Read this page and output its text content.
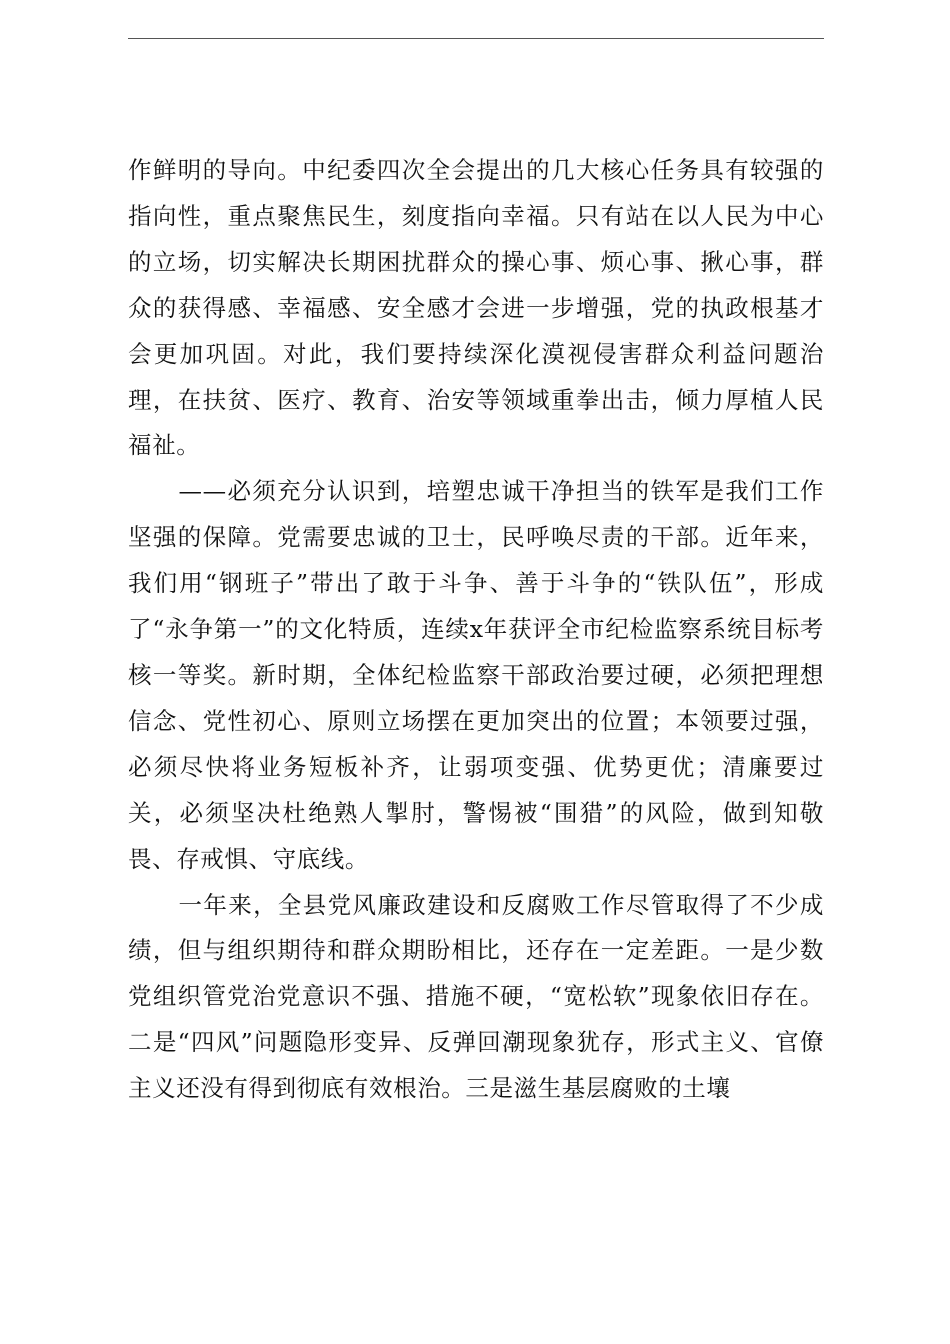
作鲜明的导向。中纪委四次全会提出的几大核心任务具有较强的指向性，重点聚焦民生，刻度指向幸福。只有站在以人民为中心的立场，切实解决长期困扰群众的操心事、烦心事、揪心事，群众的获得感、幸福感、安全感才会进一步增强，党的执政根基才会更加巩固。对此，我们要持续深化漠视侵害群众利益问题治理，在扶贫、医疗、教育、治安等领域重拳出击，倾力厚植人民福祉。

——必须充分认识到，培塑忠诚干净担当的铁军是我们工作坚强的保障。党需要忠诚的卫士，民呼唤尽责的干部。近年来，我们用“钢班子”带出了敢于斗争、善于斗争的“铁队伍”，形成了“永争第一”的文化特质，连续x年获评全市纪检监察系统目标考核一等奖。新时期，全体纪检监察干部政治要过硬，必须把理想信念、党性初心、原则立场摆在更加突出的位置；本领要过强，必须尽快将业务短板补齐，让弱项变强、优势更优；清廉要过关，必须坚决杜绝熟人掣肘，警惕被“围猎”的风险，做到知敬畏、存戒惧、守底线。

一年来，全县党风廉政建设和反腐败工作尽管取得了不少成绩，但与组织期待和群众期盼相比，还存在一定差距。一是少数党组织管党治党意识不强、措施不硬，“宽松软”现象依旧存在。二是“四风”问题隐形变异、反弹回潮现象犹存，形式主义、官僚主义还没有得到彻底有效根治。三是滋生基层腐败的土壤
